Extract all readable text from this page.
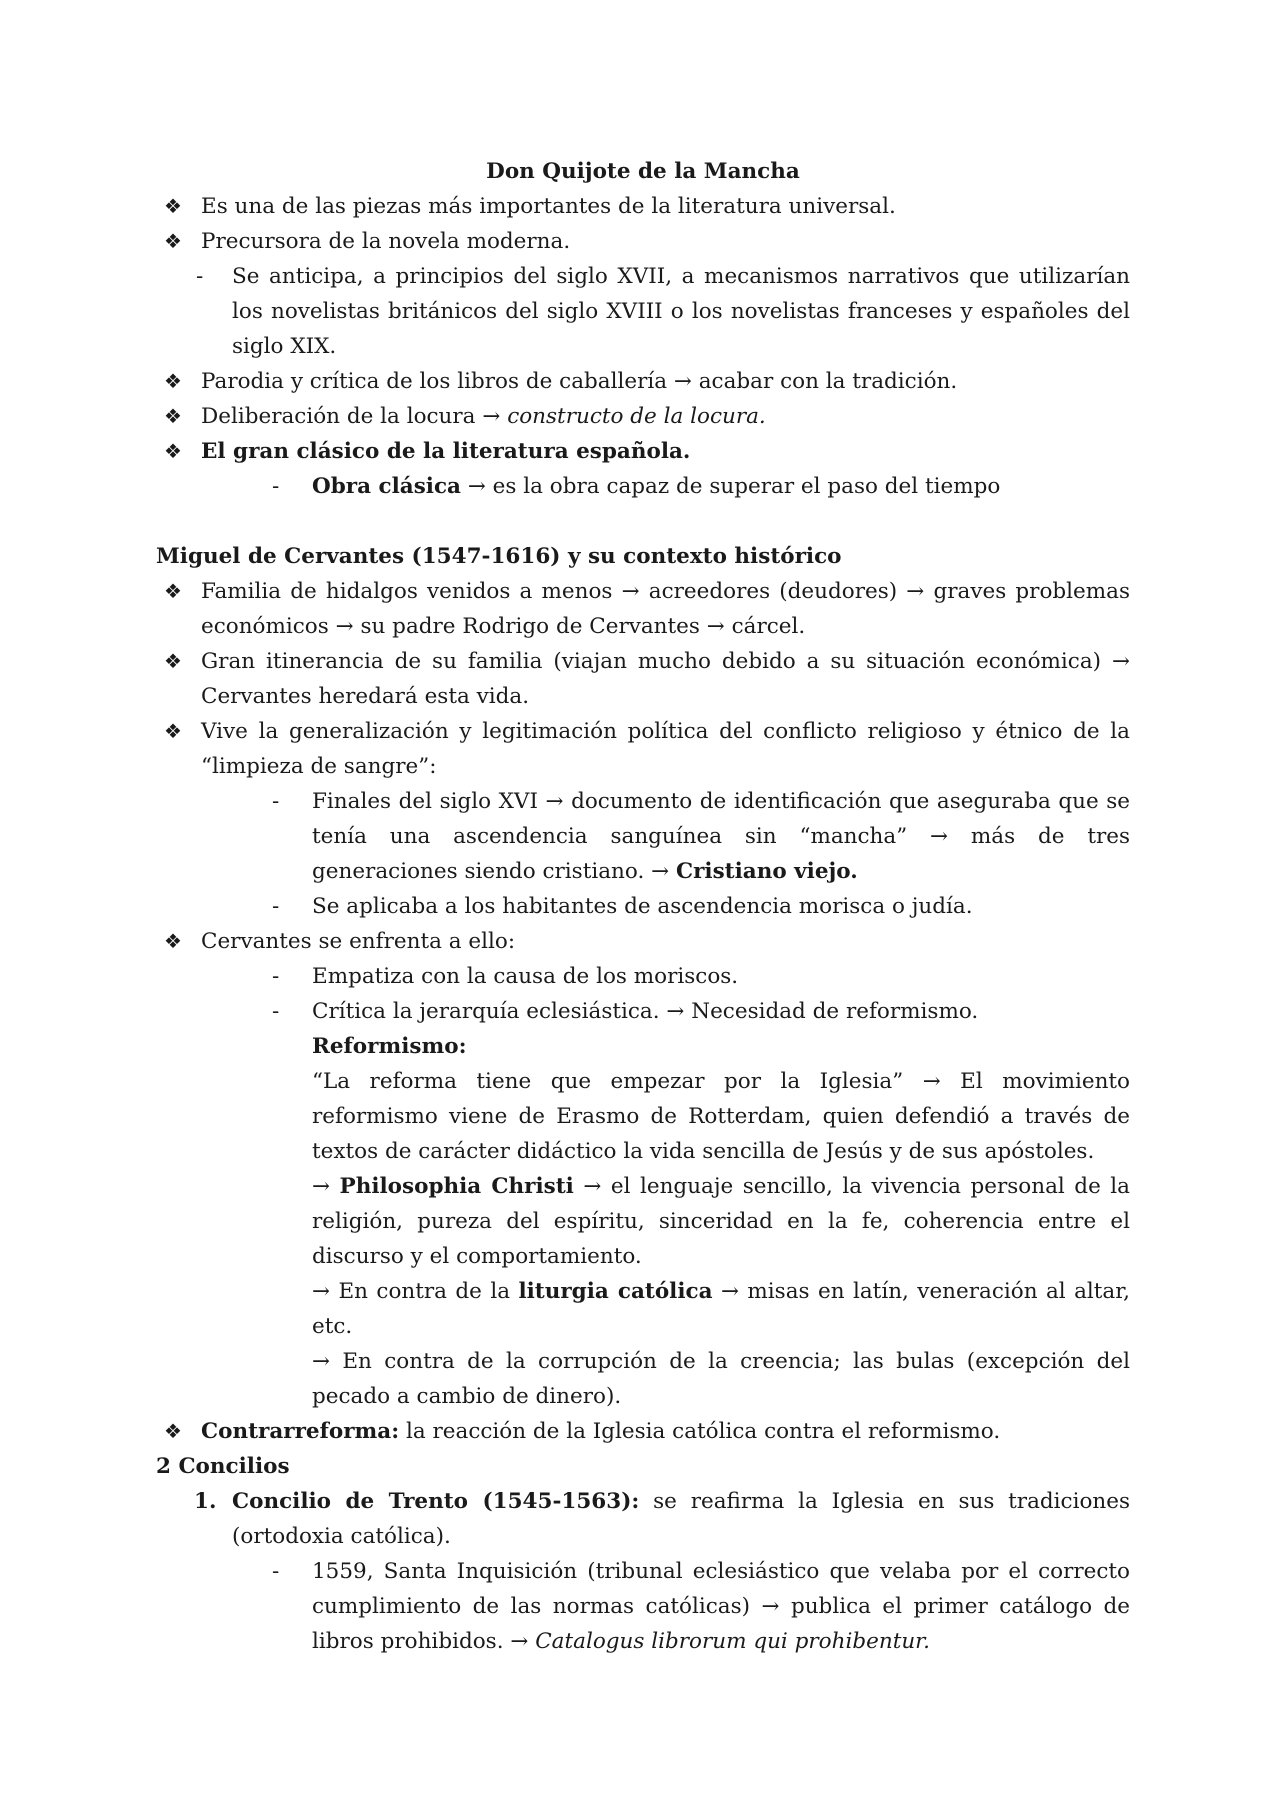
Don Quijote de la Mancha
❖ Es una de las piezas más importantes de la literatura universal.
❖ Precursora de la novela moderna.
- Se anticipa, a principios del siglo XVII, a mecanismos narrativos que utilizarían los novelistas británicos del siglo XVIII o los novelistas franceses y españoles del siglo XIX.
❖ Parodia y crítica de los libros de caballería → acabar con la tradición.
❖ Deliberación de la locura → constructo de la locura.
❖ El gran clásico de la literatura española.
- Obra clásica → es la obra capaz de superar el paso del tiempo
Miguel de Cervantes (1547-1616) y su contexto histórico
❖ Familia de hidalgos venidos a menos → acreedores (deudores) → graves problemas económicos → su padre Rodrigo de Cervantes → cárcel.
❖ Gran itinerancia de su familia (viajan mucho debido a su situación económica) → Cervantes heredará esta vida.
❖ Vive la generalización y legitimación política del conflicto religioso y étnico de la “limpieza de sangre”:
- Finales del siglo XVI → documento de identificación que aseguraba que se tenía una ascendencia sanguínea sin “mancha” → más de tres generaciones siendo cristiano. → Cristiano viejo.
- Se aplicaba a los habitantes de ascendencia morisca o judía.
❖ Cervantes se enfrenta a ello:
- Empatiza con la causa de los moriscos.
- Crítica la jerarquía eclesiástica. → Necesidad de reformismo.
Reformismo:
“La reforma tiene que empezar por la Iglesia” → El movimiento reformismo viene de Erasmo de Rotterdam, quien defendió a través de textos de carácter didáctico la vida sencilla de Jesús y de sus apóstoles.
→ Philosophia Christi → el lenguaje sencillo, la vivencia personal de la religión, pureza del espíritu, sinceridad en la fe, coherencia entre el discurso y el comportamiento.
→ En contra de la liturgia católica → misas en latín, veneración al altar, etc.
→ En contra de la corrupción de la creencia; las bulas (excepción del pecado a cambio de dinero).
❖ Contrarreforma: la reacción de la Iglesia católica contra el reformismo.
2 Concilios
1. Concilio de Trento (1545-1563): se reafirma la Iglesia en sus tradiciones (ortodoxia católica).
- 1559, Santa Inquisición (tribunal eclesiástico que velaba por el correcto cumplimiento de las normas católicas) → publica el primer catálogo de libros prohibidos. → Catalogus librorum qui prohibentur.
